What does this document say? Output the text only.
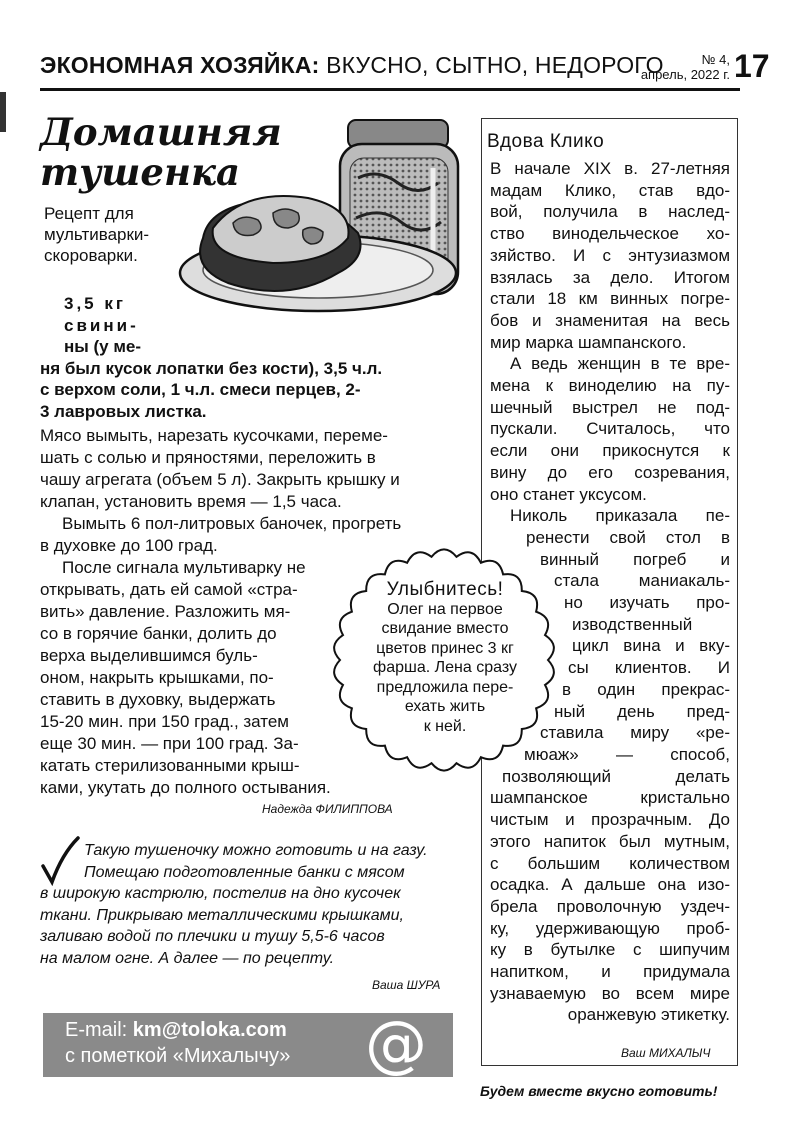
ЭКОНОМНАЯ ХОЗЯЙКА: ВКУСНО, СЫТНО, НЕДОРОГО	№ 4,
апрель, 2022 г. 17
Домашняя
тушенка
Рецепт для
мультиварки-
скороварки.
3,5 кг
свини-
ны (у ме-
ня был кусок лопатки без кости), 3,5 ч.л.
с верхом соли, 1 ч.л. смеси перцев, 2-
3 лавровых листка.
Мясо вымыть, нарезать кусочками, переме-
шать с солью и пряностями, переложить в
чашу агрегата (объем 5 л). Закрыть крышку и
клапан, установить время — 1,5 часа.
Вымыть 6 пол-литровых баночек, прогреть
в духовке до 100 град.
После сигнала мультиварку не
открывать, дать ей самой «стра-
вить» давление. Разложить мя-
со в горячие банки, долить до
верха выделившимся буль-
оном, накрыть крышками, по-
ставить в духовку, выдержать
15-20 мин. при 150 град., затем
еще 30 мин. — при 100 град. За-
катать стерилизованными крыш-
ками, укутать до полного остывания.
Надежда ФИЛИППОВА
Такую тушеночку можно готовить и на газу.
Помещаю подготовленные банки с мясом
в широкую кастрюлю, постелив на дно кусочек
ткани. Прикрываю металлическими крышками,
заливаю водой по плечики и тушу 5,5-6 часов
на малом огне. А далее — по рецепту.
Ваша ШУРА
E-mail: km@toloka.com
с пометкой «Михалычу» @
Вдова Клико
В начале XIX в. 27-летняя
мадам Клико, став вдо-
вой, получила в наслед-
ство винодельческое хо-
зяйство. И с энтузиазмом
взялась за дело. Итогом
стали 18 км винных погре-
бов и знаменитая на весь
мир марка шампанского.
А ведь женщин в те вре-
мена к виноделию на пу-
шечный выстрел не под-
пускали. Считалось, что
если они прикоснутся к
вину до его созревания,
оно станет уксусом.
Николь приказала пе-
ренести свой стол в
винный погреб и
стала маниакаль-
но изучать про-
изводственный
цикл вина и вку-
сы клиентов. И
в один прекрас-
ный день пред-
ставила миру «ре-
мюаж» — способ,
позволяющий делать
шампанское кристально
чистым и прозрачным. До
этого напиток был мутным,
с большим количеством
осадка. А дальше она изо-
брела проволочную уздеч-
ку, удерживающую проб-
ку в бутылке с шипучим
напитком, и придумала
узнаваемую во всем мире
оранжевую этикетку.
Ваш МИХАЛЫЧ
Улыбнитесь!
Олег на первое
свидание вместо
цветов принес 3 кг
фарша. Лена сразу
предложила пере-
ехать жить
к ней.
Будем вместе вкусно готовить!
